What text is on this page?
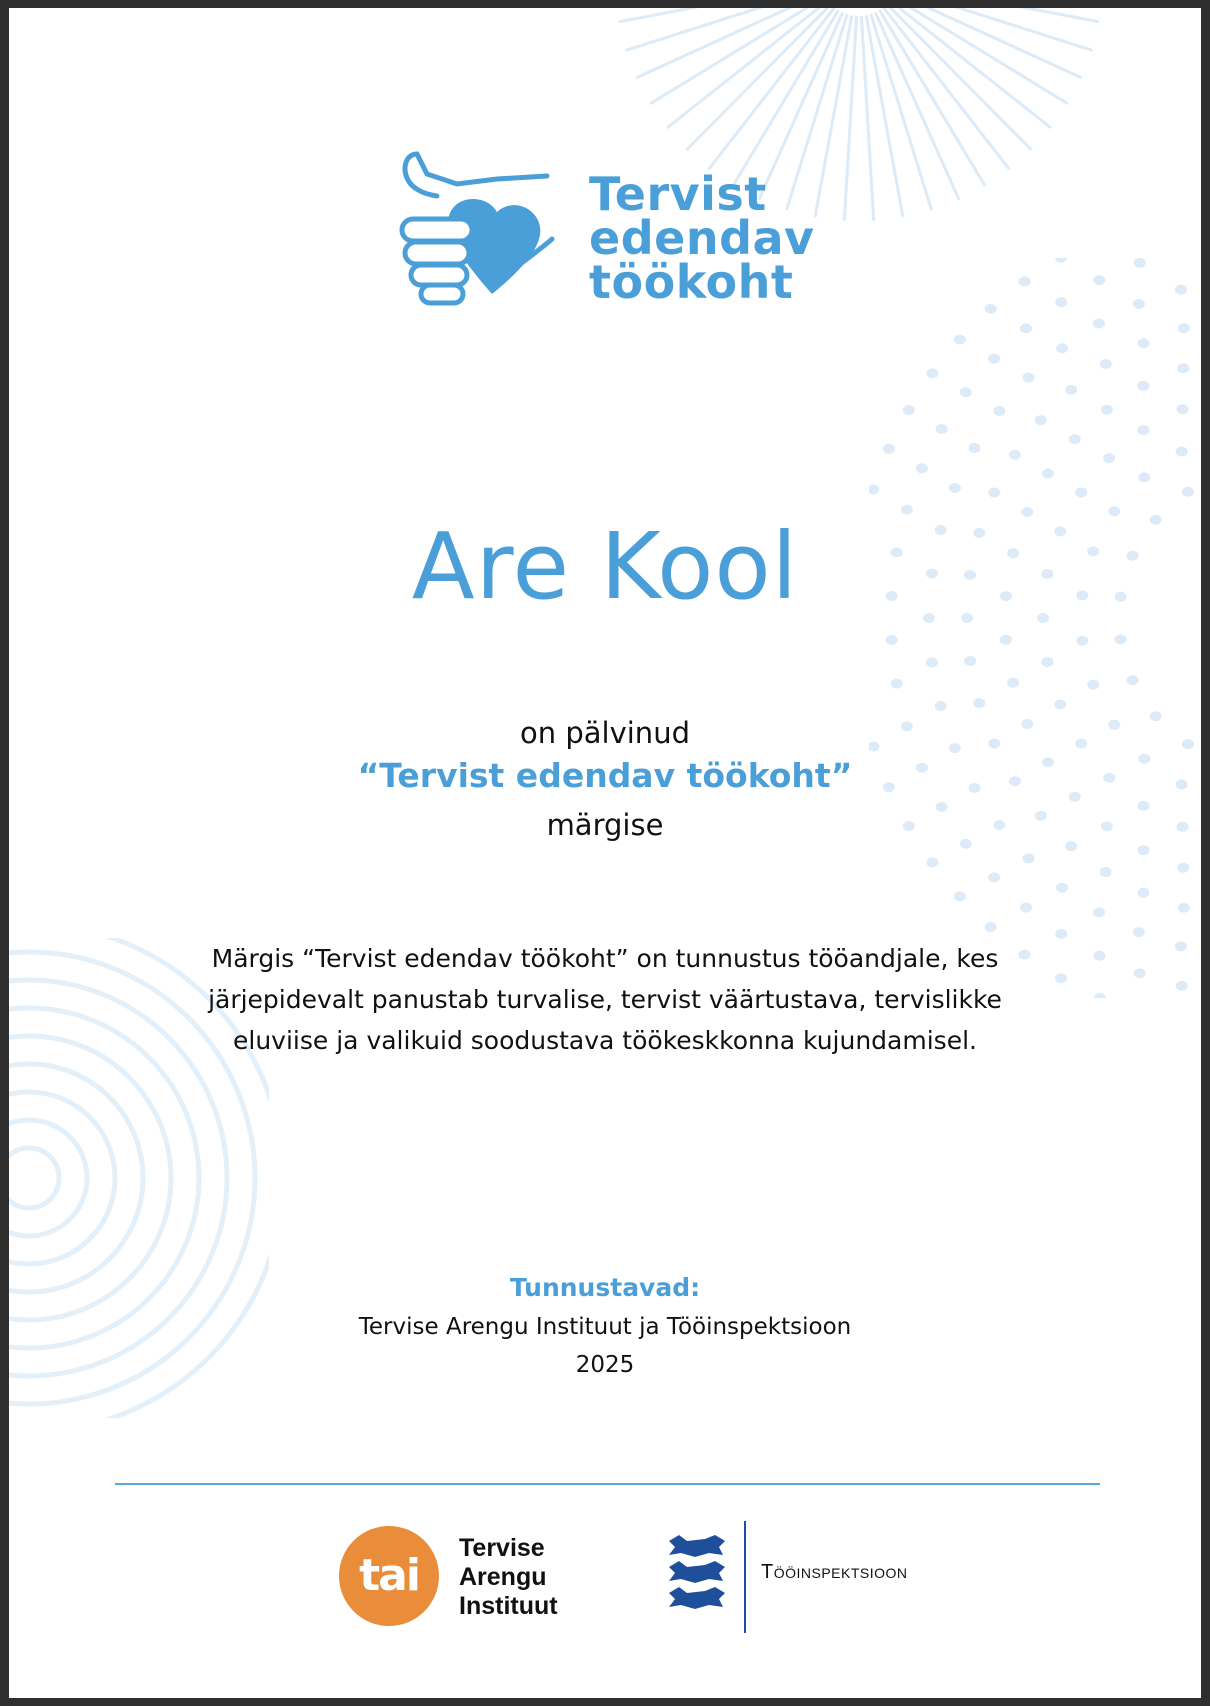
Tervist
edendav
töökoht
Are Kool
on pälvinud
“Tervist edendav töökoht”
märgise
Märgis “Tervist edendav töökoht” on tunnustus tööandjale, kes järjepidevalt panustab turvalise, tervist väärtustava, tervislikke eluviise ja valikuid soodustava töökeskkonna kujundamisel.
Tunnustavad:
Tervise Arengu Instituut ja Tööinspektsioon
2025
tai
Tervise
Arengu
Instituut
Tööinspektsioon
